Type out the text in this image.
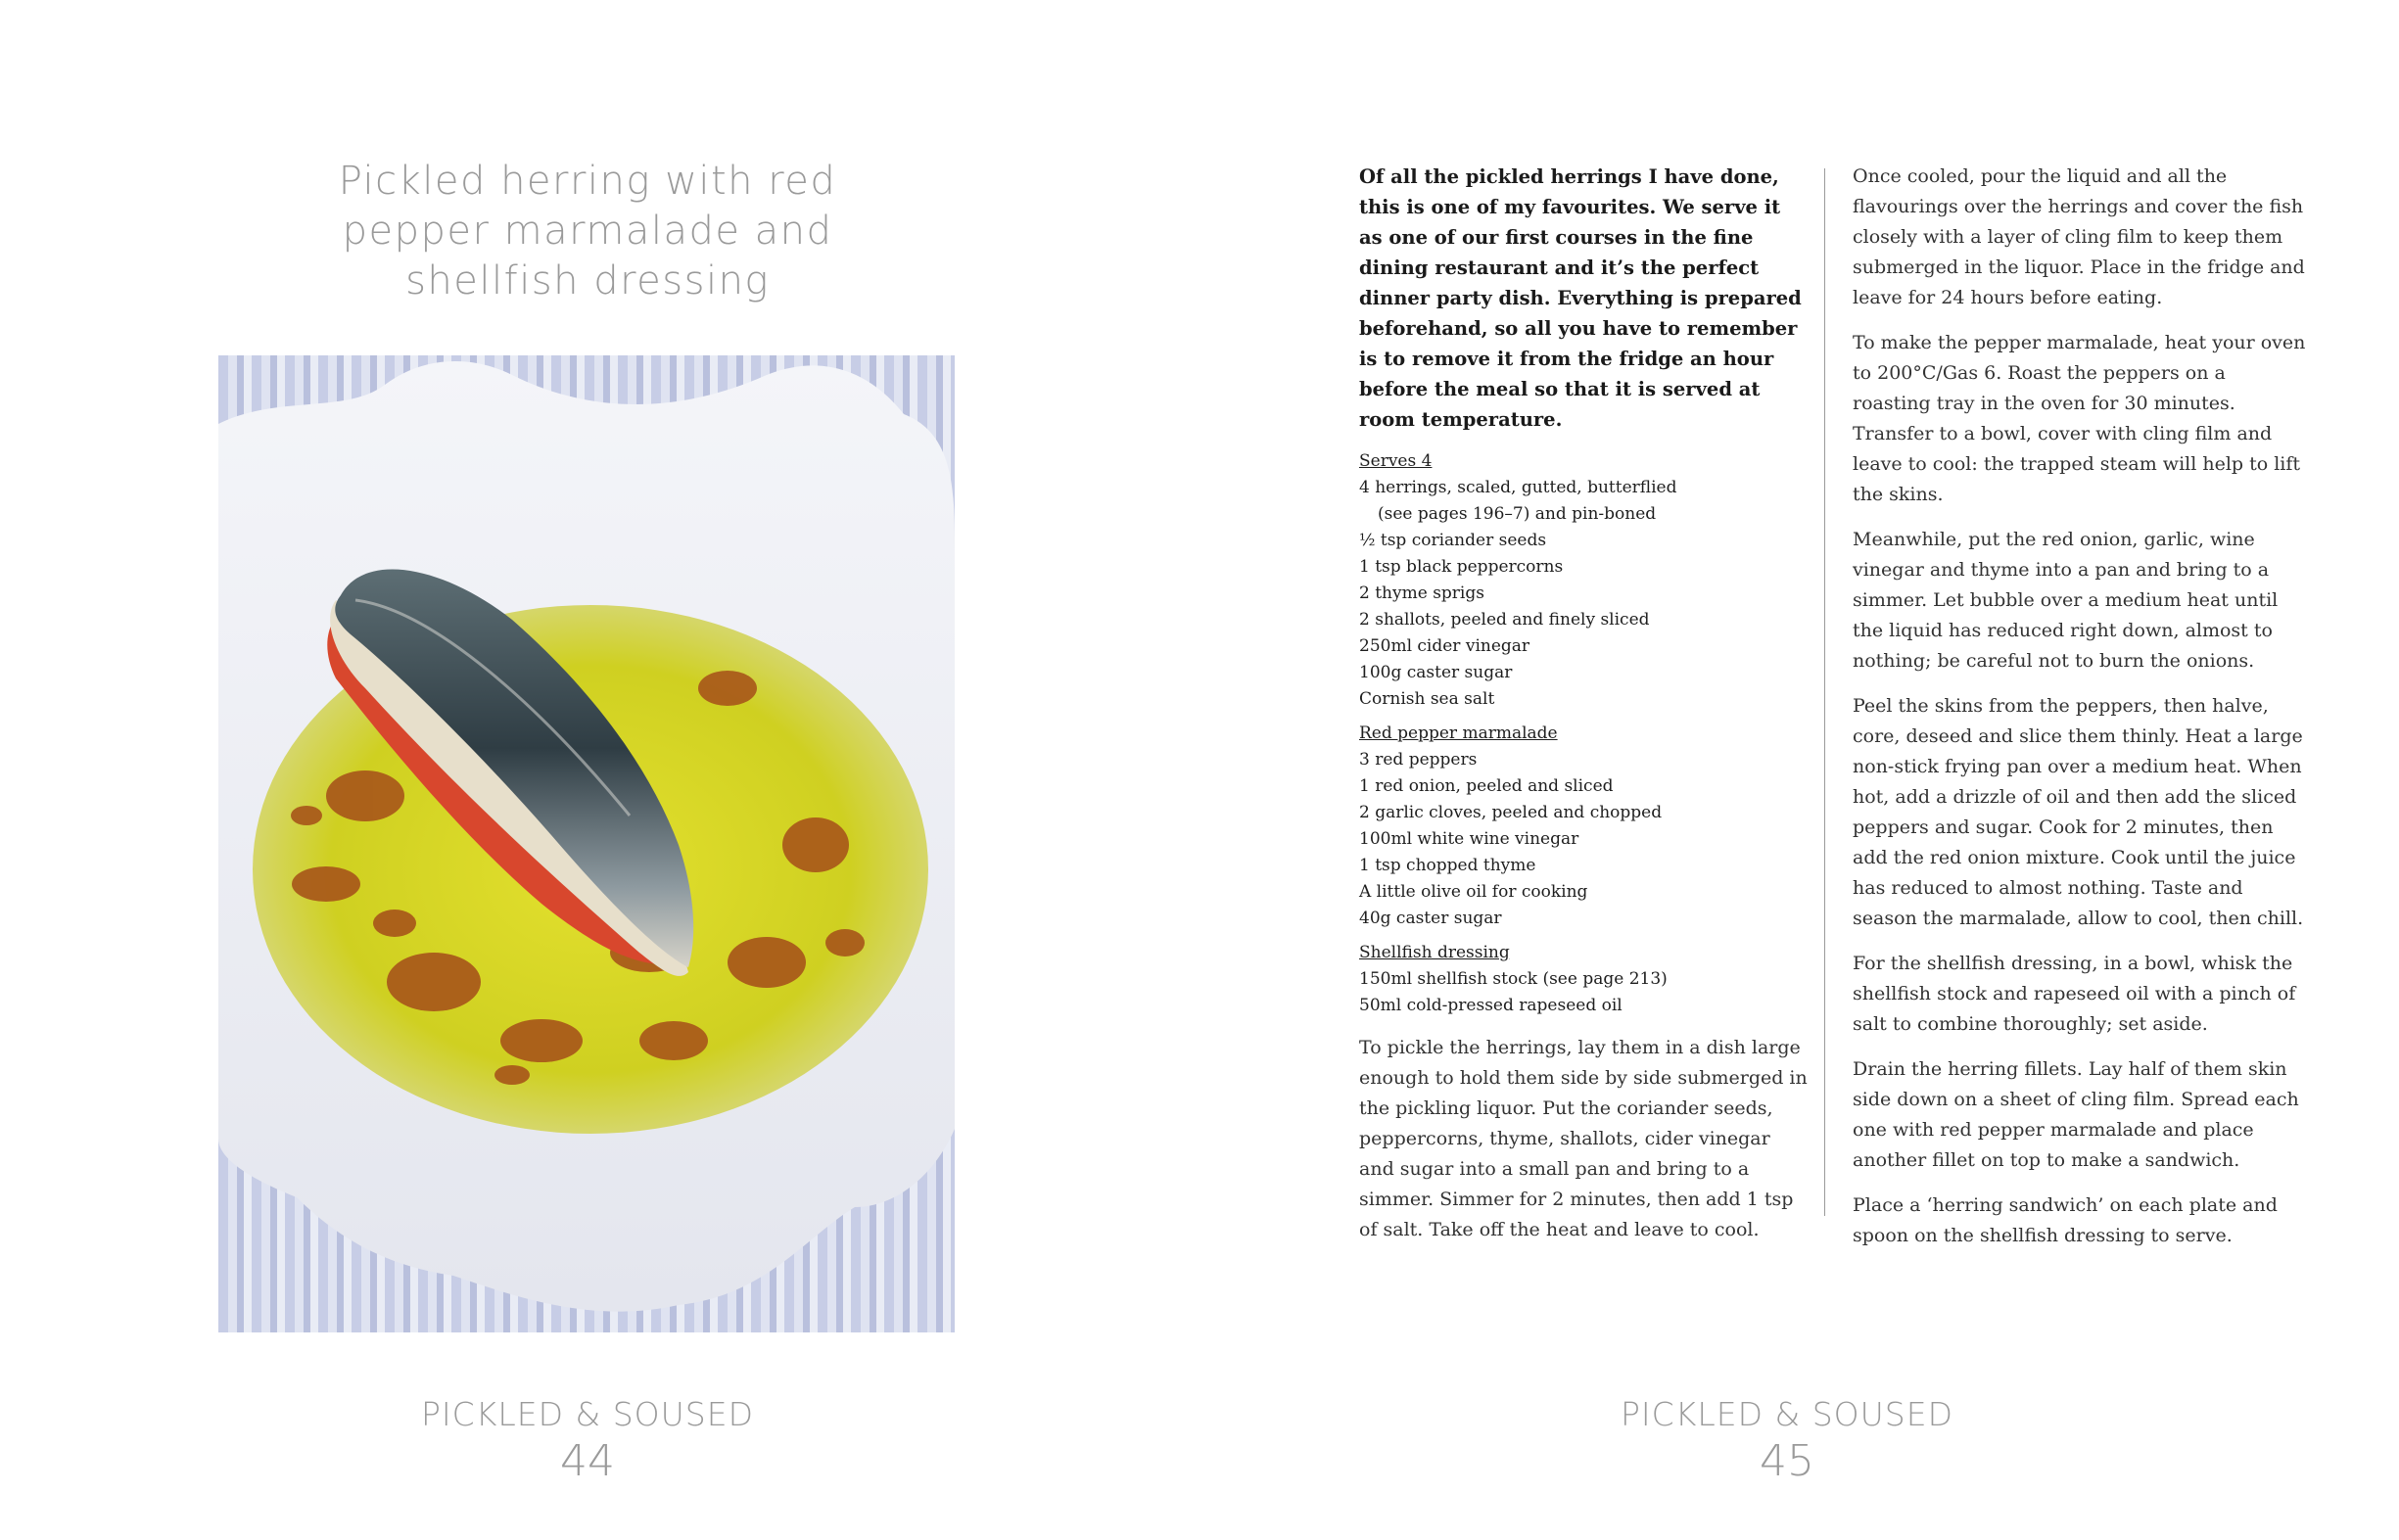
Pickled herring with red
pepper marmalade and
shellfish dressing
PICKLED & SOUSED
44

Of all the pickled herrings I have done, this is one of my favourites. We serve it as one of our first courses in the fine dining restaurant and it’s the perfect dinner party dish. Everything is prepared beforehand, so all you have to remember is to remove it from the fridge an hour before the meal so that it is served at room temperature.

Serves 4

4 herrings, scaled, gutted, butterflied
(see pages 196–7) and pin-boned
½ tsp coriander seeds
1 tsp black peppercorns
2 thyme sprigs
2 shallots, peeled and finely sliced
250ml cider vinegar
100g caster sugar
Cornish sea salt

Red pepper marmalade

3 red peppers
1 red onion, peeled and sliced
2 garlic cloves, peeled and chopped
100ml white wine vinegar
1 tsp chopped thyme
A little olive oil for cooking
40g caster sugar

Shellfish dressing

150ml shellfish stock (see page 213)
50ml cold-pressed rapeseed oil

To pickle the herrings, lay them in a dish large enough to hold them side by side submerged in the pickling liquor. Put the coriander seeds, peppercorns, thyme, shallots, cider vinegar and sugar into a small pan and bring to a simmer. Simmer for 2 minutes, then add 1 tsp of salt. Take off the heat and leave to cool.

Once cooled, pour the liquid and all the flavourings over the herrings and cover the fish closely with a layer of cling film to keep them submerged in the liquor. Place in the fridge and leave for 24 hours before eating.

To make the pepper marmalade, heat your oven to 200°C/Gas 6. Roast the peppers on a roasting tray in the oven for 30 minutes. Transfer to a bowl, cover with cling film and leave to cool: the trapped steam will help to lift the skins.

Meanwhile, put the red onion, garlic, wine vinegar and thyme into a pan and bring to a simmer. Let bubble over a medium heat until the liquid has reduced right down, almost to nothing; be careful not to burn the onions.

Peel the skins from the peppers, then halve, core, deseed and slice them thinly. Heat a large non-stick frying pan over a medium heat. When hot, add a drizzle of oil and then add the sliced peppers and sugar. Cook for 2 minutes, then add the red onion mixture. Cook until the juice has reduced to almost nothing. Taste and season the marmalade, allow to cool, then chill.

For the shellfish dressing, in a bowl, whisk the shellfish stock and rapeseed oil with a pinch of salt to combine thoroughly; set aside.

Drain the herring fillets. Lay half of them skin side down on a sheet of cling film. Spread each one with red pepper marmalade and place another fillet on top to make a sandwich.

Place a ‘herring sandwich’ on each plate and spoon on the shellfish dressing to serve.

PICKLED & SOUSED
45
